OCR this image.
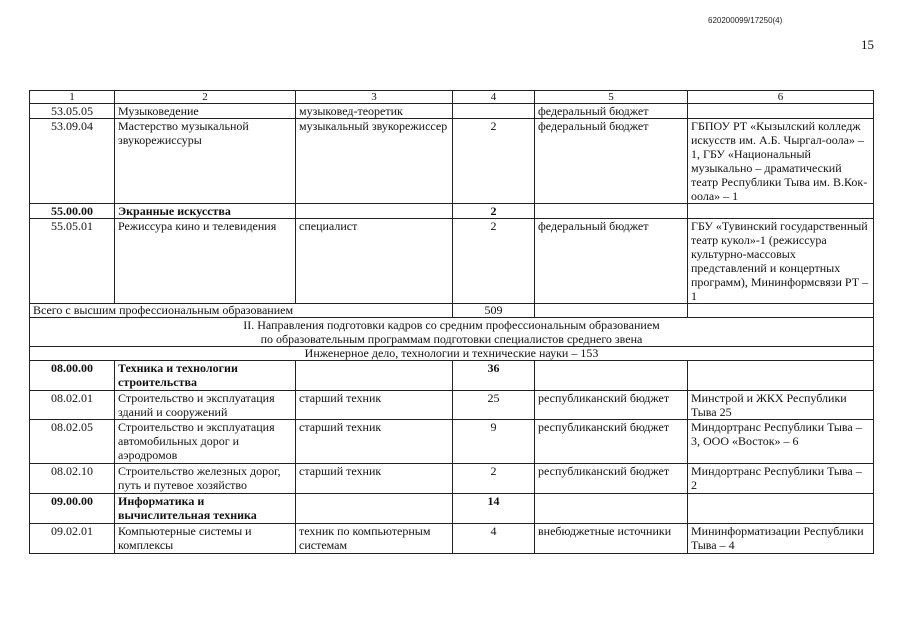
620200099/17250(4)
15
1	2	3	4	5	6
53.05.05	Музыковедение	музыковед-теоретик		федеральный бюджет	
53.09.04	Мастерство музыкальной звукорежиссуры	музыкальный звукорежиссер	2	федеральный бюджет	ГБПОУ РТ «Кызылский колледж искусств им. А.Б. Чыргал-оола» – 1, ГБУ «Национальный музыкально – драматический театр Республики Тыва им. В.Кок-оола» – 1
55.00.00	Экранные искусства		2		
55.05.01	Режиссура кино и телевидения	специалист	2	федеральный бюджет	ГБУ «Тувинский государственный театр кукол»-1 (режиссура культурно-массовых представлений и концертных программ), Мининформсвязи РТ – 1
Всего с высшим профессиональным образованием			509		

II. Направления подготовки кадров со средним профессиональным образованием
по образовательным программам подготовки специалистов среднего звена					

Инженерное дело, технологии и технические науки – 153					
08.00.00	Техника и технологии строительства		36		
08.02.01	Строительство и эксплуатация зданий и сооружений	старший техник	25	республиканский бюджет	Минстрой и ЖКХ Республики Тыва 25
08.02.05	Строительство и эксплуатация автомобильных дорог и аэродромов	старший техник	9	республиканский бюджет	Миндортранс Республики Тыва – 3, ООО «Восток» – 6
08.02.10	Строительство железных дорог, путь и путевое хозяйство	старший техник	2	республиканский бюджет	Миндортранс Республики Тыва – 2
09.00.00	Информатика и вычислительная техника		14		
09.02.01	Компьютерные системы и комплексы	техник по компьютерным системам	4	внебюджетные источники	Мининформатизации Республики Тыва – 4
